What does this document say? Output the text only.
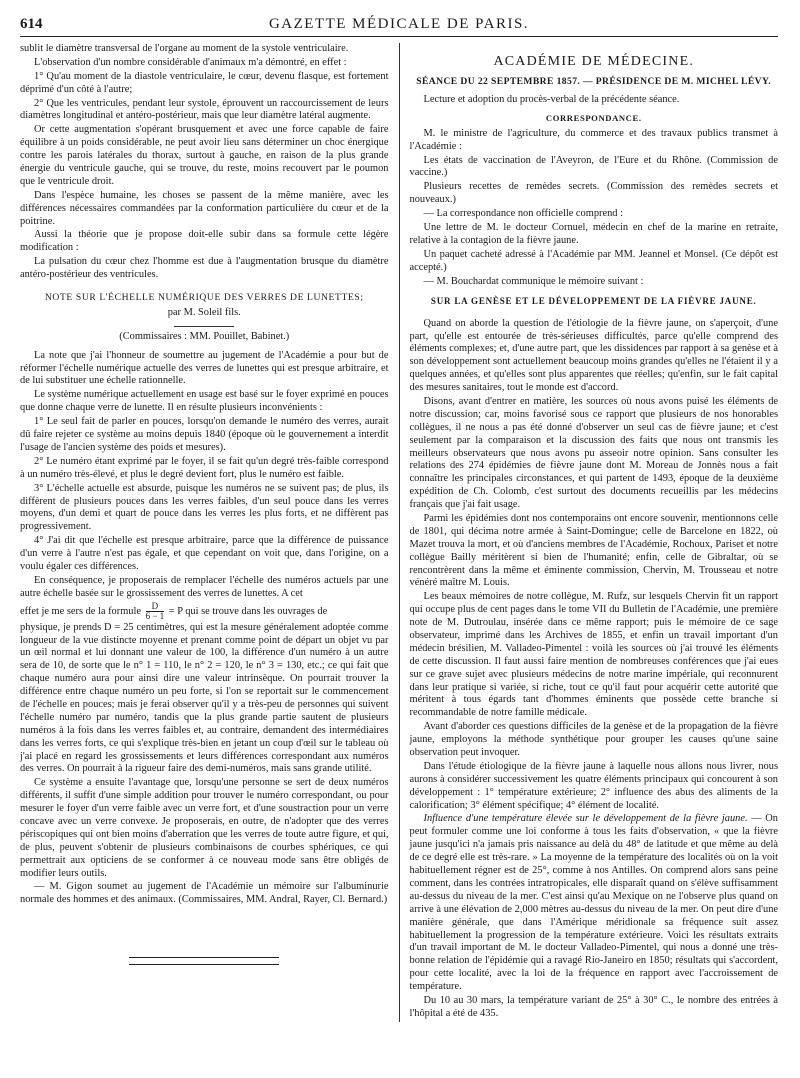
614	GAZETTE MÉDICALE DE PARIS.

sublit le diamètre transversal de l'organe au moment de la systole ventriculaire.

L'observation d'un nombre considérable d'animaux m'a démontré, en effet :

1° Qu'au moment de la diastole ventriculaire, le cœur, devenu flasque, est fortement déprimé d'un côté à l'autre;

2° Que les ventricules, pendant leur systole, éprouvent un raccourcissement de leurs diamètres longitudinal et antéro-postérieur, mais que leur diamètre latéral augmente.

Or cette augmentation s'opérant brusquement et avec une force capable de faire équilibre à un poids considérable, ne peut avoir lieu sans déterminer un choc énergique contre les parois latérales du thorax, surtout à gauche, en raison de la plus grande énergie du ventricule gauche, qui se trouve, du reste, moins recouvert par le poumon que le ventricule droit.

Dans l'espèce humaine, les choses se passent de la même manière, avec les différences nécessaires commandées par la conformation particulière du cœur et de la poitrine.

Aussi la théorie que je propose doit-elle subir dans sa formule cette légère modification :

La pulsation du cœur chez l'homme est due à l'augmentation brusque du diamètre antéro-postérieur des ventricules.

NOTE SUR L'ÉCHELLE NUMÉRIQUE DES VERRES DE LUNETTES;
par M. Soleil fils.
(Commissaires : MM. Pouillet, Babinet.)

La note que j'ai l'honneur de soumettre au jugement de l'Académie a pour but de réformer l'échelle numérique actuelle des verres de lunettes qui est presque arbitraire, et de lui substituer une échelle rationnelle.

Le système numérique actuellement en usage est basé sur le foyer exprimé en pouces que donne chaque verre de lunette. Il en résulte plusieurs inconvénients :

1° Le seul fait de parler en pouces, lorsqu'on demande le numéro des verres, aurait dû faire rejeter ce système au moins depuis 1840 (époque où le gouvernement a interdit l'usage de l'ancien système des poids et mesures).

2° Le numéro étant exprimé par le foyer, il se fait qu'un degré très-faible correspond à un numéro très-élevé, et plus le degré devient fort, plus le numéro est faible.

3° L'échelle actuelle est absurde, puisque les numéros ne se suivent pas; de plus, ils diffèrent de plusieurs pouces dans les verres faibles, d'un seul pouce dans les verres moyens, d'un demi et quart de pouce dans les verres les plus forts, et ne diffèrent pas progressivement.

4° J'ai dit que l'échelle est presque arbitraire, parce que la différence de puissance d'un verre à l'autre n'est pas égale, et que cependant on voit que, dans l'origine, on a voulu égaler ces différences.

En conséquence, je proposerais de remplacer l'échelle des numéros actuels par une autre échelle basée sur le grossissement des verres de lunettes. A cet

effet je me sers de la formule $\frac{D}{6 - 1} = P$ qui se trouve dans les ouvrages de

physique, je prends D = 25 centimètres, qui est la mesure généralement adoptée comme longueur de la vue distincte moyenne et prenant comme point de départ un objet vu par un œil normal et lui donnant une valeur de 100, la différence d'un numéro à un autre sera de 10, de sorte que le n° 1 = 110, le n° 2 = 120, le n° 3 = 130, etc.; ce qui fait que chaque numéro aura pour ainsi dire une valeur intrinsèque. On pourrait trouver la différence entre chaque numéro un peu forte, si l'on se reportait sur le commencement de l'échelle en pouces; mais je ferai observer qu'il y a très-peu de personnes qui suivent l'échelle numéro par numéro, tandis que la plus grande partie sautent de plusieurs numéros à la fois dans les verres faibles et, au contraire, demandent des intermédiaires dans les verres forts, ce qui s'explique très-bien en jetant un coup d'œil sur le tableau où j'ai placé en regard les grossissements et leurs différences correspondant aux numéros des verres. On pourrait à la rigueur faire des demi-numéros, mais sans grande utilité.

Ce système a ensuite l'avantage que, lorsqu'une personne se sert de deux numéros différents, il suffit d'une simple addition pour trouver le numéro correspondant, ou pour mesurer le foyer d'un verre faible avec un verre fort, et d'une soustraction pour un verre concave avec un verre convexe. Je proposerais, en outre, de n'adopter que des verres périscopiques qui ont bien moins d'aberration que les verres de toute autre figure, et qui, de plus, peuvent s'obtenir de plusieurs combinaisons de courbes sphériques, ce qui permettrait aux opticiens de se conformer à ce nouveau mode sans être obligés de modifier leurs outils.

— M. Gigon soumet au jugement de l'Académie un mémoire sur l'albuminurie normale des hommes et des animaux. (Commissaires, MM. Andral, Rayer, Cl. Bernard.)

ACADÉMIE DE MÉDECINE.
SÉANCE DU 22 SEPTEMBRE 1857. — PRÉSIDENCE DE M. MICHEL LÉVY.

Lecture et adoption du procès-verbal de la précédente séance.

CORRESPONDANCE.

M. le ministre de l'agriculture, du commerce et des travaux publics transmet à l'Académie :

Les états de vaccination de l'Aveyron, de l'Eure et du Rhône. (Commission de vaccine.)

Plusieurs recettes de remèdes secrets. (Commission des remèdes secrets et nouveaux.)

— La correspondance non officielle comprend :

Une lettre de M. le docteur Cornuel, médecin en chef de la marine en retraite, relative à la contagion de la fièvre jaune.

Un paquet cacheté adressé à l'Académie par MM. Jeannel et Monsel. (Ce dépôt est accepté.)

— M. Bouchardat communique le mémoire suivant :

SUR LA GENÈSE ET LE DÉVELOPPEMENT DE LA FIÈVRE JAUNE.

Quand on aborde la question de l'étiologie de la fièvre jaune, on s'aperçoit, d'une part, qu'elle est entourée de très-sérieuses difficultés, parce qu'elle comprend des éléments complexes; et, d'une autre part, que les dissidences par rapport à sa genèse et à son développement sont actuellement beaucoup moins grandes qu'elles ne l'étaient il y a quelques années, et qu'elles sont plus apparentes que réelles; qu'enfin, sur le fait capital des mesures sanitaires, tout le monde est d'accord.

Disons, avant d'entrer en matière, les sources où nous avons puisé les éléments de notre discussion; car, moins favorisé sous ce rapport que plusieurs de nos honorables collègues, il ne nous a pas été donné d'observer un seul cas de fièvre jaune; et c'est seulement par la comparaison et la discussion des faits que nous ont transmis les meilleurs observateurs que nous avons pu asseoir notre opinion. Sans consulter les relations des 274 épidémies de fièvre jaune dont M. Moreau de Jonnès nous a fait connaître les principales circonstances, et qui partent de 1493, époque de la deuxième expédition de Ch. Colomb, c'est surtout des documents recueillis par les médecins français que j'ai fait usage.

Parmi les épidémies dont nos contemporains ont encore souvenir, mentionnons celle de 1801, qui décima notre armée à Saint-Domingue; celle de Barcelone en 1822, où Mazet trouva la mort, et où d'anciens membres de l'Académie, Rochoux, Pariset et notre collègue Bailly méritèrent si bien de l'humanité; enfin, celle de Gibraltar, où se rencontrèrent dans la même et éminente commission, Chervin, M. Trousseau et notre vénéré maître M. Louis.

Les beaux mémoires de notre collègue, M. Rufz, sur lesquels Chervin fit un rapport qui occupe plus de cent pages dans le tome VII du Bulletin de l'Académie, une première note de M. Dutroulau, insérée dans ce même rapport; puis le mémoire de ce sage observateur, imprimé dans les Archives de 1855, et enfin un travail important d'un médecin brésilien, M. Valladeo-Pimentel : voilà les sources où j'ai trouvé les éléments de cette discussion. Il faut aussi faire mention de nombreuses conférences que j'ai eues sur ce grave sujet avec plusieurs médecins de notre marine impériale, qui reconnurent dans leur pratique si variée, si riche, tout ce qu'il faut pour acquérir cette autorité que méritent à tous égards tant d'hommes éminents que possède cette branche si recommandable de notre famille médicale.

Avant d'aborder ces questions difficiles de la genèse et de la propagation de la fièvre jaune, employons la méthode synthétique pour grouper les causes qu'une saine observation peut invoquer.

Dans l'étude étiologique de la fièvre jaune à laquelle nous allons nous livrer, nous aurons à considérer successivement les quatre éléments principaux qui concourent à son développement : 1° température extérieure; 2° influence des abus des aliments de la calorification; 3° élément spécifique; 4° élément de localité.

Influence d'une température élevée sur le développement de la fièvre jaune. — On peut formuler comme une loi conforme à tous les faits d'observation, « que la fièvre jaune jusqu'ici n'a jamais pris naissance au delà du 48° de latitude et que même au delà de ce degré elle est très-rare. » La moyenne de la température des localités où on la voit habituellement régner est de 25°, comme à nos Antilles. On comprend alors sans peine comment, dans les contrées intratropicales, elle disparaît quand on s'élève suffisamment au-dessus du niveau de la mer. C'est ainsi qu'au Mexique on ne l'observe plus quand on arrive à une élévation de 2,000 mètres au-dessus du niveau de la mer. On peut dire d'une manière générale, que dans l'Amérique méridionale sa fréquence suit assez habituellement la progression de la température extérieure. Voici les résultats extraits d'un travail important de M. le docteur Valladeo-Pimentel, qui nous a donné une très-bonne relation de l'épidémie qui a ravagé Rio-Janeiro en 1850; résultats qui s'accordent, pour cette localité, avec la loi de la fréquence en rapport avec l'accroissement de température.

Du 10 au 30 mars, la température variant de 25° à 30° C., le nombre des entrées à l'hôpital a été de 435.
